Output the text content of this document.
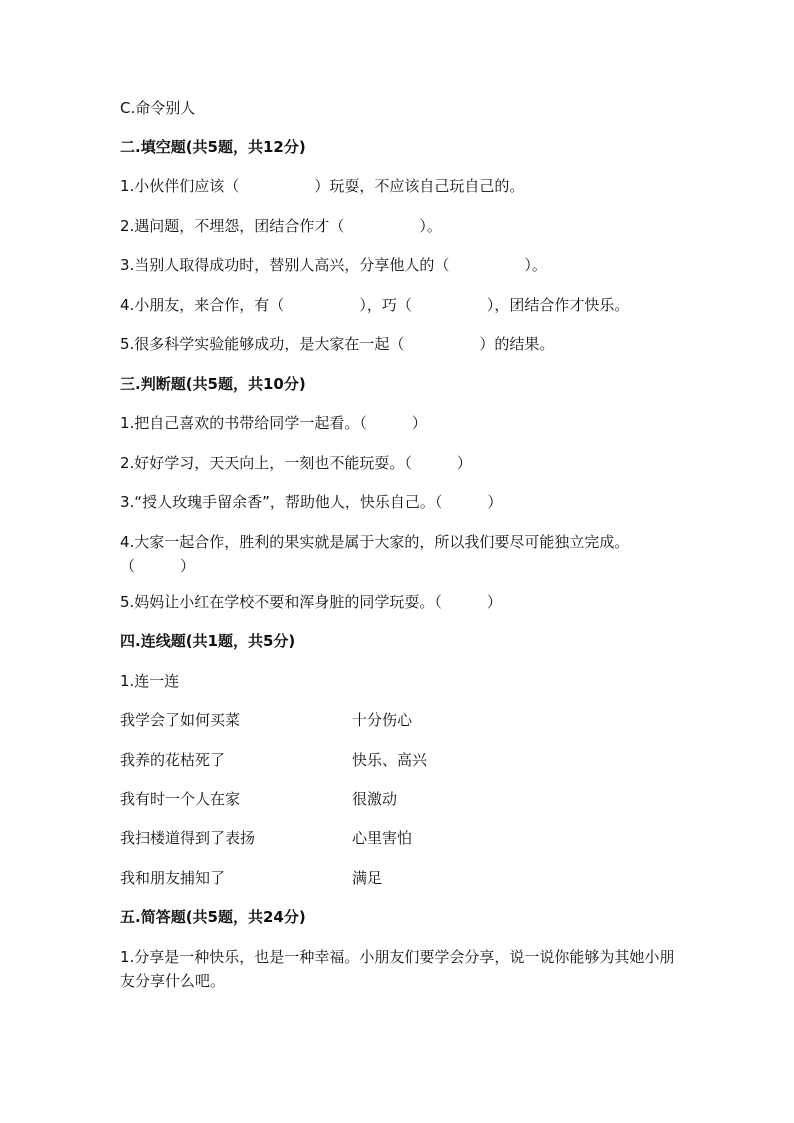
C.命令别人
二.填空题(共5题，共12分)
1.小伙伴们应该（　　　　　）玩耍，不应该自己玩自己的。
2.遇问题，不埋怨，团结合作才（　　　　　）。
3.当别人取得成功时，替别人高兴，分享他人的（　　　　　）。
4.小朋友，来合作，有（　　　　　），巧（　　　　　），团结合作才快乐。
5.很多科学实验能够成功，是大家在一起（　　　　　）的结果。
三.判断题(共5题，共10分)
1.把自己喜欢的书带给同学一起看。（　　　）
2.好好学习，天天向上，一刻也不能玩耍。（　　　）
3.“授人玫瑰手留余香”，帮助他人，快乐自己。（　　　）
4.大家一起合作，胜利的果实就是属于大家的，所以我们要尽可能独立完成。（　　　）
5.妈妈让小红在学校不要和浑身脏的同学玩耍。（　　　）
四.连线题(共1题，共5分)
1.连一连
我学会了如何买菜	十分伤心
我养的花枯死了	快乐、高兴
我有时一个人在家	很激动
我扫楼道得到了表扬	心里害怕
我和朋友捕知了	满足
五.简答题(共5题，共24分)
1.分享是一种快乐，也是一种幸福。小朋友们要学会分享，说一说你能够为其她小朋友分享什么吧。
